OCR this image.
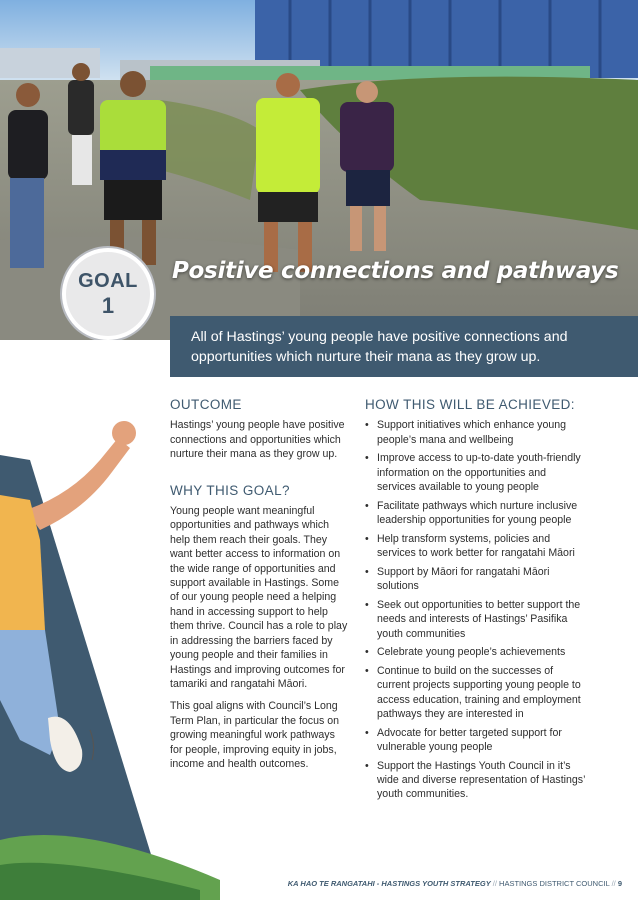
GOAL
1
Positive connections and pathways
All of Hastings’ young people have positive connections and opportunities which nurture their mana as they grow up.
OUTCOME

Hastings’ young people have positive connections and opportunities which nurture their mana as they grow up.

WHY THIS GOAL?

Young people want meaningful opportunities and pathways which help them reach their goals. They want better access to information on the wide range of opportunities and support available in Hastings. Some of our young people need a helping hand in accessing support to help them thrive. Council has a role to play in addressing the barriers faced by young people and their families in Hastings and improving outcomes for tamariki and rangatahi Māori.

This goal aligns with Council’s Long Term Plan, in particular the focus on growing meaningful work pathways for people, improving equity in jobs, income and health outcomes.

HOW THIS WILL BE ACHIEVED:
• Support initiatives which enhance young people’s mana and wellbeing
• Improve access to up-to-date youth-friendly information on the opportunities and services available to young people
• Facilitate pathways which nurture inclusive leadership opportunities for young people
• Help transform systems, policies and services to work better for rangatahi Māori
• Support by Māori for rangatahi Māori solutions
• Seek out opportunities to better support the needs and interests of Hastings’ Pasifika youth communities
• Celebrate young people’s achievements
• Continue to build on the successes of current projects supporting young people to access education, training and employment pathways they are interested in
• Advocate for better targeted support for vulnerable young people
• Support the Hastings Youth Council in it’s wide and diverse representation of Hastings’ youth communities.
KA HAO TE RANGATAHI - HASTINGS YOUTH STRATEGY // HASTINGS DISTRICT COUNCIL // 9
